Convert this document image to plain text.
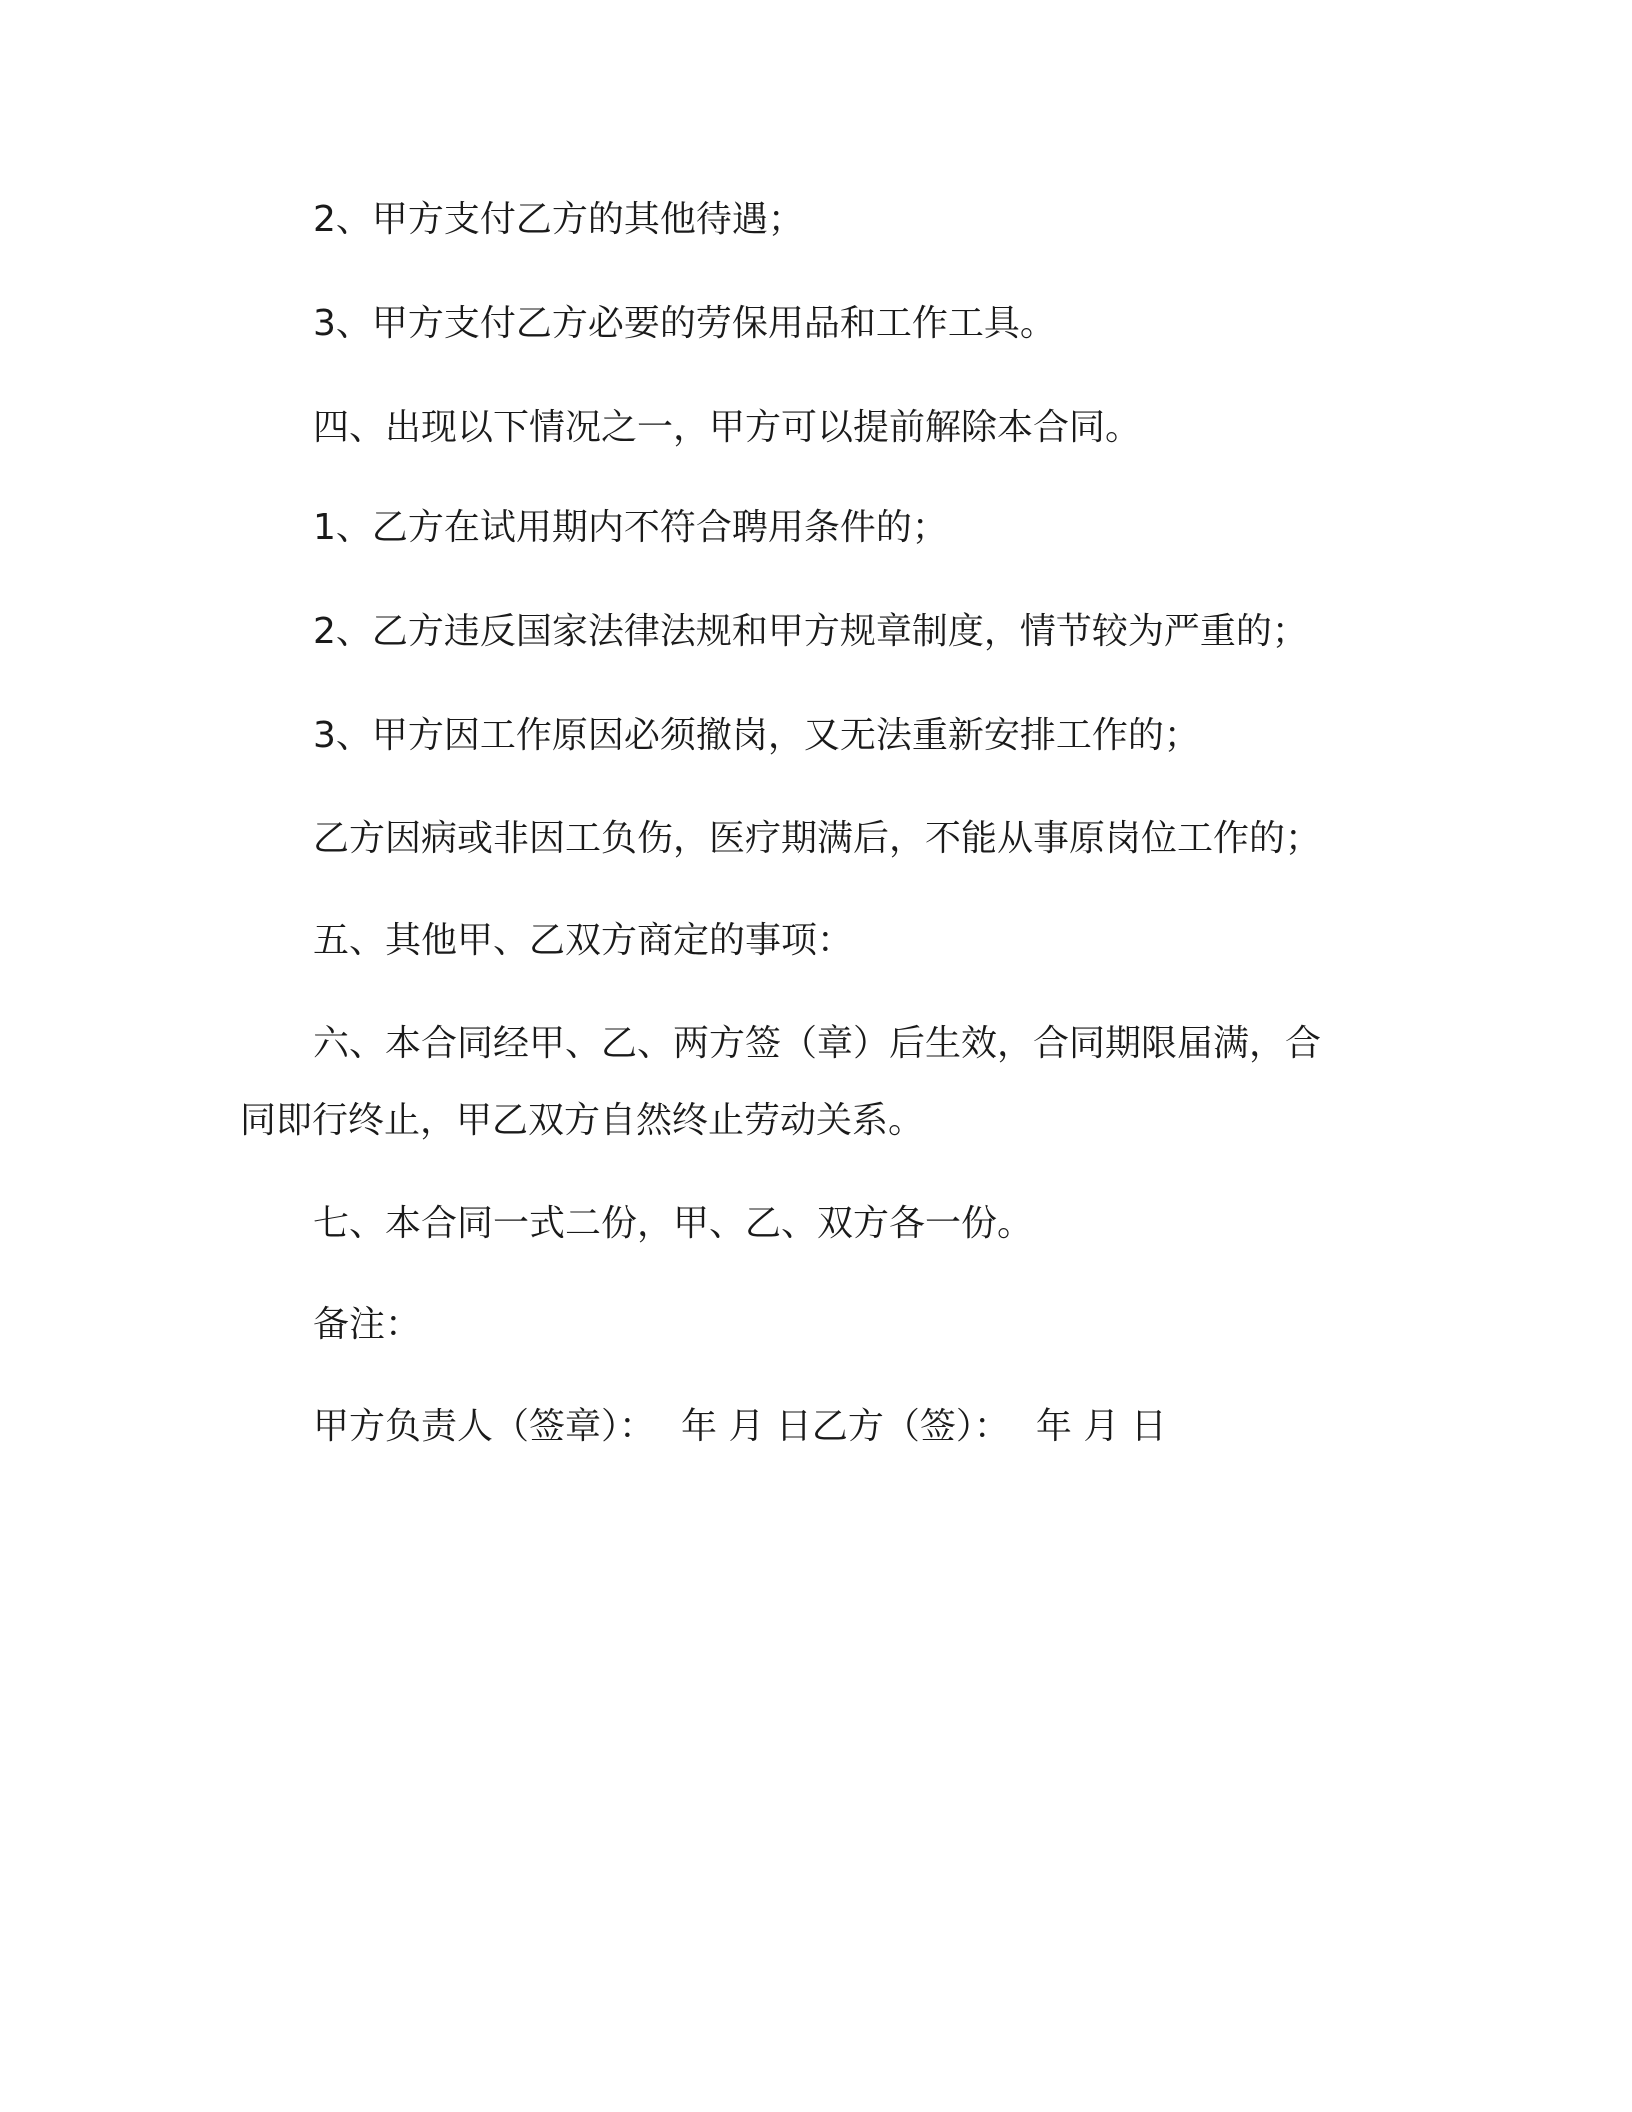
2、甲方支付乙方的其他待遇；
3、甲方支付乙方必要的劳保用品和工作工具。
四、出现以下情况之一，甲方可以提前解除本合同。
1、乙方在试用期内不符合聘用条件的；
2、乙方违反国家法律法规和甲方规章制度，情节较为严重的；
3、甲方因工作原因必须撤岗，又无法重新安排工作的；
乙方因病或非因工负伤，医疗期满后，不能从事原岗位工作的；
五、其他甲、乙双方商定的事项：
六、本合同经甲、乙、两方签（章）后生效，合同期限届满，合
同即行终止，甲乙双方自然终止劳动关系。
七、本合同一式二份，甲、乙、双方各一份。
备注：
甲方负责人（签章）： 年 月 日乙方（签）： 年 月 日
